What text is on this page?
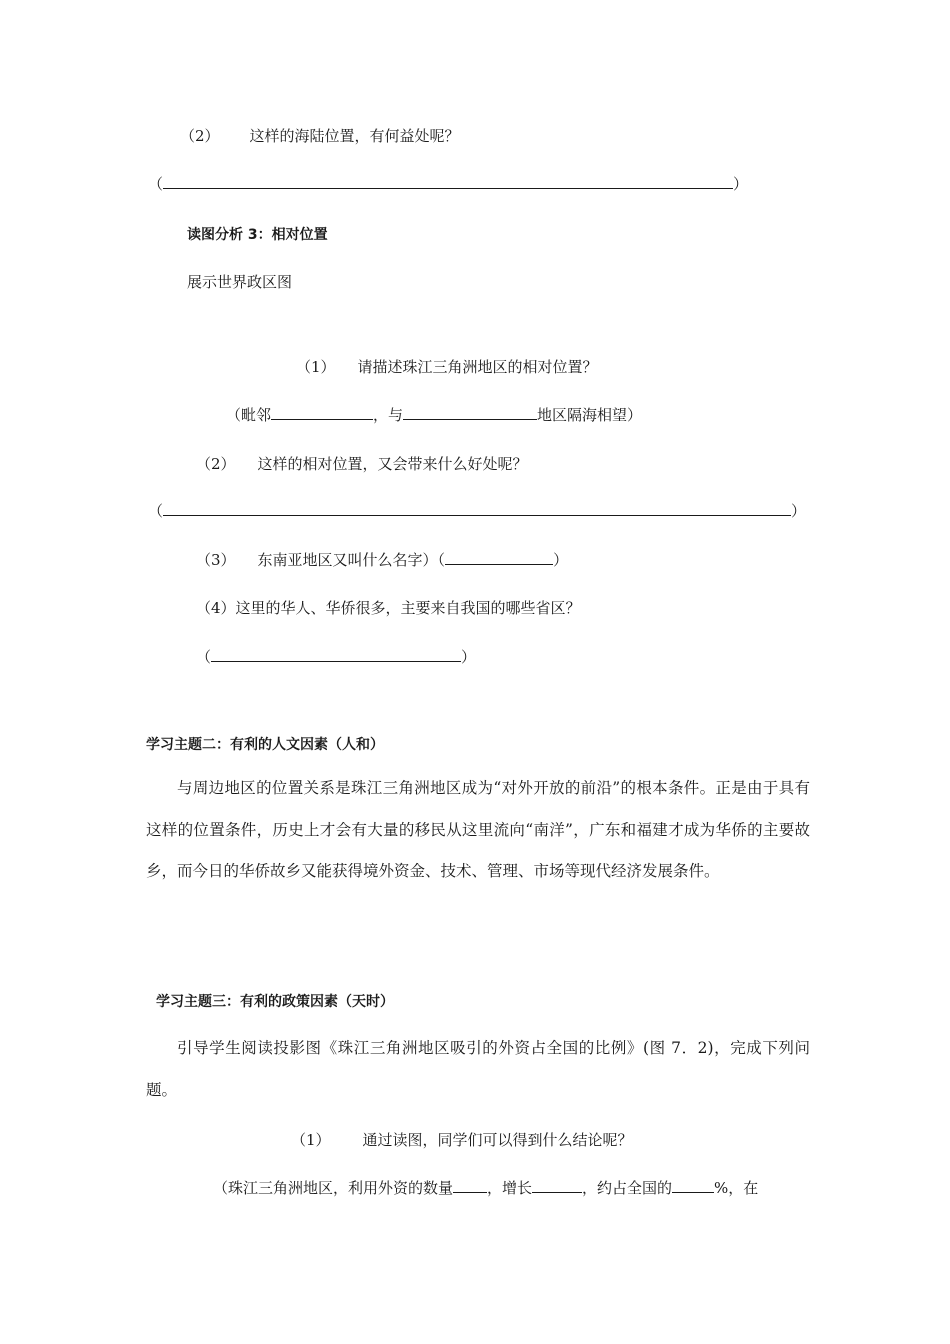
（2） 这样的海陆位置，有何益处呢？
（	）
读图分析 3：相对位置
展示世界政区图
（1） 请描述珠江三角洲地区的相对位置？
（毗邻	，与	地区隔海相望）
（2） 这样的相对位置，又会带来什么好处呢？
（	）
（3） 东南亚地区又叫什么名字）（	）
（4）这里的华人、华侨很多，主要来自我国的哪些省区？
（	）
学习主题二：有利的人文因素（人和）
与周边地区的位置关系是珠江三角洲地区成为“对外开放的前沿”的根本条件。正是由于具有这样的位置条件，历史上才会有大量的移民从这里流向“南洋”，广东和福建才成为华侨的主要故乡，而今日的华侨故乡又能获得境外资金、技术、管理、市场等现代经济发展条件。
学习主题三：有利的政策因素（天时）
引导学生阅读投影图《珠江三角洲地区吸引的外资占全国的比例》(图 7．2)，完成下列问题。
（1） 通过读图，同学们可以得到什么结论呢？
（珠江三角洲地区，利用外资的数量 ，增长	，约占全国的	%，在
